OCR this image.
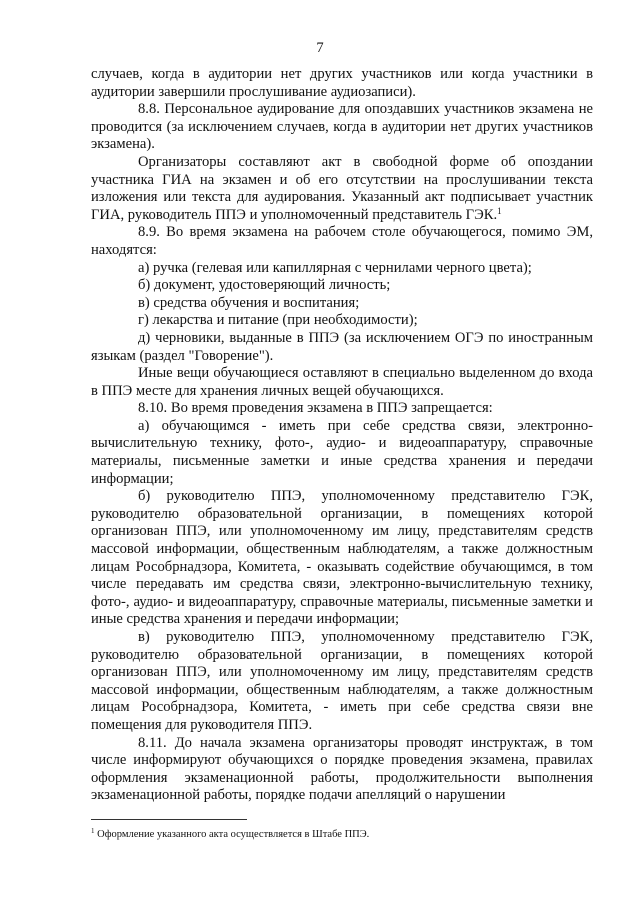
7

случаев, когда в аудитории нет других участников или когда участники в аудитории завершили прослушивание аудиозаписи).

8.8. Персональное аудирование для опоздавших участников экзамена не проводится (за исключением случаев, когда в аудитории нет других участников экзамена).

Организаторы составляют акт в свободной форме об опоздании участника ГИА на экзамен и об его отсутствии на прослушивании текста изложения или текста для аудирования. Указанный акт подписывает участник ГИА, руководитель ППЭ и уполномоченный представитель ГЭК.$^1$

8.9. Во время экзамена на рабочем столе обучающегося, помимо ЭМ, находятся:

а) ручка (гелевая или капиллярная с чернилами черного цвета);

б) документ, удостоверяющий личность;

в) средства обучения и воспитания;

г) лекарства и питание (при необходимости);

д) черновики, выданные в ППЭ (за исключением ОГЭ по иностранным языкам (раздел "Говорение").

Иные вещи обучающиеся оставляют в специально выделенном до входа в ППЭ месте для хранения личных вещей обучающихся.

8.10. Во время проведения экзамена в ППЭ запрещается:

а) обучающимся - иметь при себе средства связи, электронно-вычислительную технику, фото-, аудио- и видеоаппаратуру, справочные материалы, письменные заметки и иные средства хранения и передачи информации;

б) руководителю ППЭ, уполномоченному представителю ГЭК, руководителю образовательной организации, в помещениях которой организован ППЭ, или уполномоченному им лицу, представителям средств массовой информации, общественным наблюдателям, а также должностным лицам Рособрнадзора, Комитета, - оказывать содействие обучающимся, в том числе передавать им средства связи, электронно-вычислительную технику, фото-, аудио- и видеоаппаратуру, справочные материалы, письменные заметки и иные средства хранения и передачи информации;

в) руководителю ППЭ, уполномоченному представителю ГЭК, руководителю образовательной организации, в помещениях которой организован ППЭ, или уполномоченному им лицу, представителям средств массовой информации, общественным наблюдателям, а также должностным лицам Рособрнадзора, Комитета, - иметь при себе средства связи вне помещения для руководителя ППЭ.

8.11. До начала экзамена организаторы проводят инструктаж, в том числе информируют обучающихся о порядке проведения экзамена, правилах оформления экзаменационной работы, продолжительности выполнения экзаменационной работы, порядке подачи апелляций о нарушении

$^1$ Оформление указанного акта осуществляется в Штабе ППЭ.
